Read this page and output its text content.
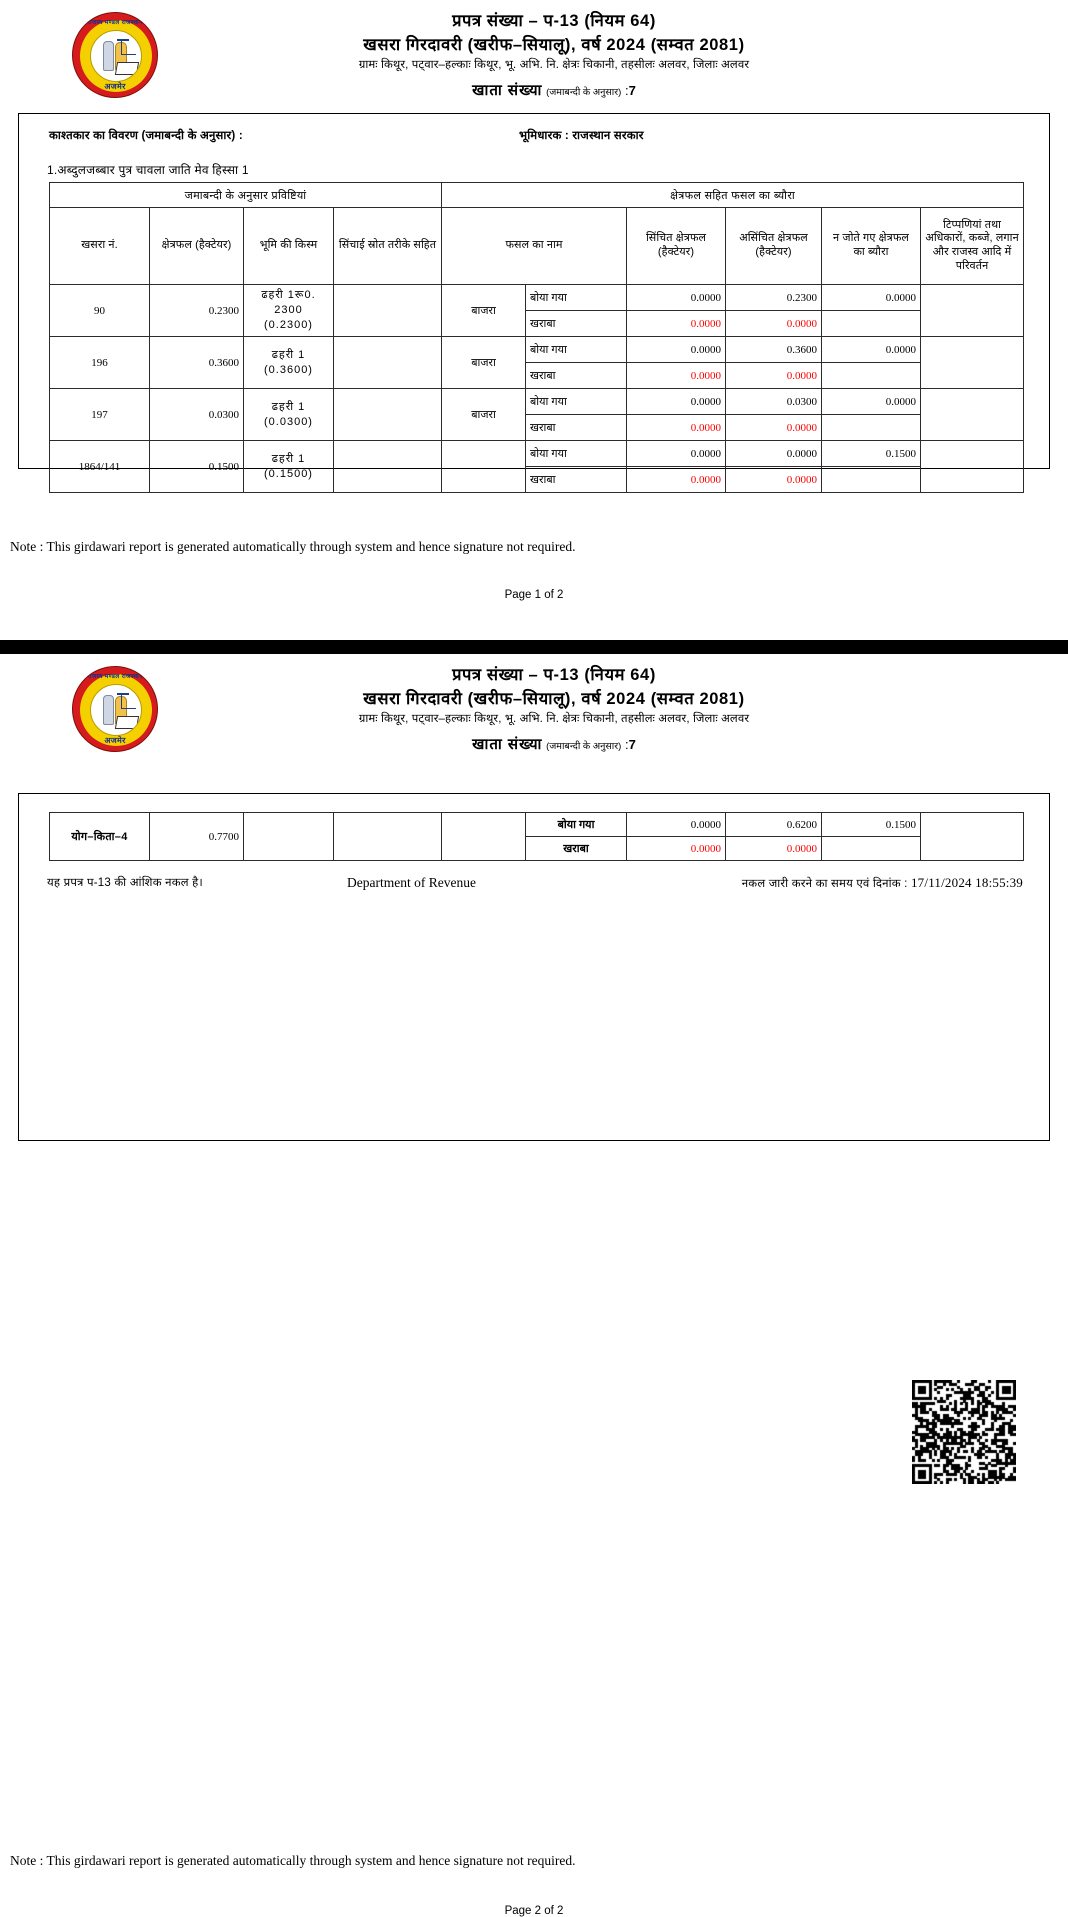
राजस्व मण्डल राजस्थान
अजमेर
प्रपत्र संख्या – प-13 (नियम 64)
खसरा गिरदावरी (खरीफ–सियालू), वर्ष 2024 (सम्वत 2081)
ग्रामः किथूर, पट्वार–हल्काः किथूर, भू. अभि. नि. क्षेत्रः चिकानी, तहसीलः अलवर, जिलाः अलवर
खाता संख्या (जमाबन्दी के अनुसार) :7
काश्तकार का विवरण (जमाबन्दी के अनुसार) :	भूमिधारक : राजस्थान सरकार
1.अब्दुलजब्बार पुत्र चावला जाति मेव हिस्सा 1
जमाबन्दी के अनुसार प्रविष्टियां				क्षेत्रफल सहित फसल का ब्यौरा					
खसरा नं.	क्षेत्रफल (हैक्टेयर)	भूमि की किस्म	सिंचाई स्रोत तरीके सहित	फसल का नाम		सिंचित क्षेत्रफल (हैक्टेयर)	असिंचित क्षेत्रफल (हैक्टेयर)	न जोते गए क्षेत्रफल का ब्यौरा	टिप्पणियां तथा अधिकारों, कब्जे, लगान और राजस्व आदि में परिवर्तन
90	0.2300	ढहरी 1रू0.
2300
(0.2300)		बाजरा	बोया गया	0.0000	0.2300	0.0000	
					खराबा	0.0000	0.0000		
196	0.3600	ढहरी 1
(0.3600)		बाजरा	बोया गया	0.0000	0.3600	0.0000	
					खराबा	0.0000	0.0000		
197	0.0300	ढहरी 1
(0.0300)		बाजरा	बोया गया	0.0000	0.0300	0.0000	
					खराबा	0.0000	0.0000		
1864/141	0.1500	ढहरी 1
(0.1500)			बोया गया	0.0000	0.0000	0.1500	
					खराबा	0.0000	0.0000		
Note : This girdawari report is generated automatically through system and hence signature not required.
Page 1 of 2
राजस्व मण्डल राजस्थान
अजमेर
प्रपत्र संख्या – प-13 (नियम 64)
खसरा गिरदावरी (खरीफ–सियालू), वर्ष 2024 (सम्वत 2081)
ग्रामः किथूर, पट्वार–हल्काः किथूर, भू. अभि. नि. क्षेत्रः चिकानी, तहसीलः अलवर, जिलाः अलवर
खाता संख्या (जमाबन्दी के अनुसार) :7
योग–किता–4	0.7700				बोया गया	0.0000	0.6200	0.1500	
					खराबा	0.0000	0.0000		
यह प्रपत्र प-13 की आंशिक नकल है।	Department of Revenue	नकल जारी करने का समय एवं दिनांक : 17/11/2024 18:55:39
Note : This girdawari report is generated automatically through system and hence signature not required.
Page 2 of 2
